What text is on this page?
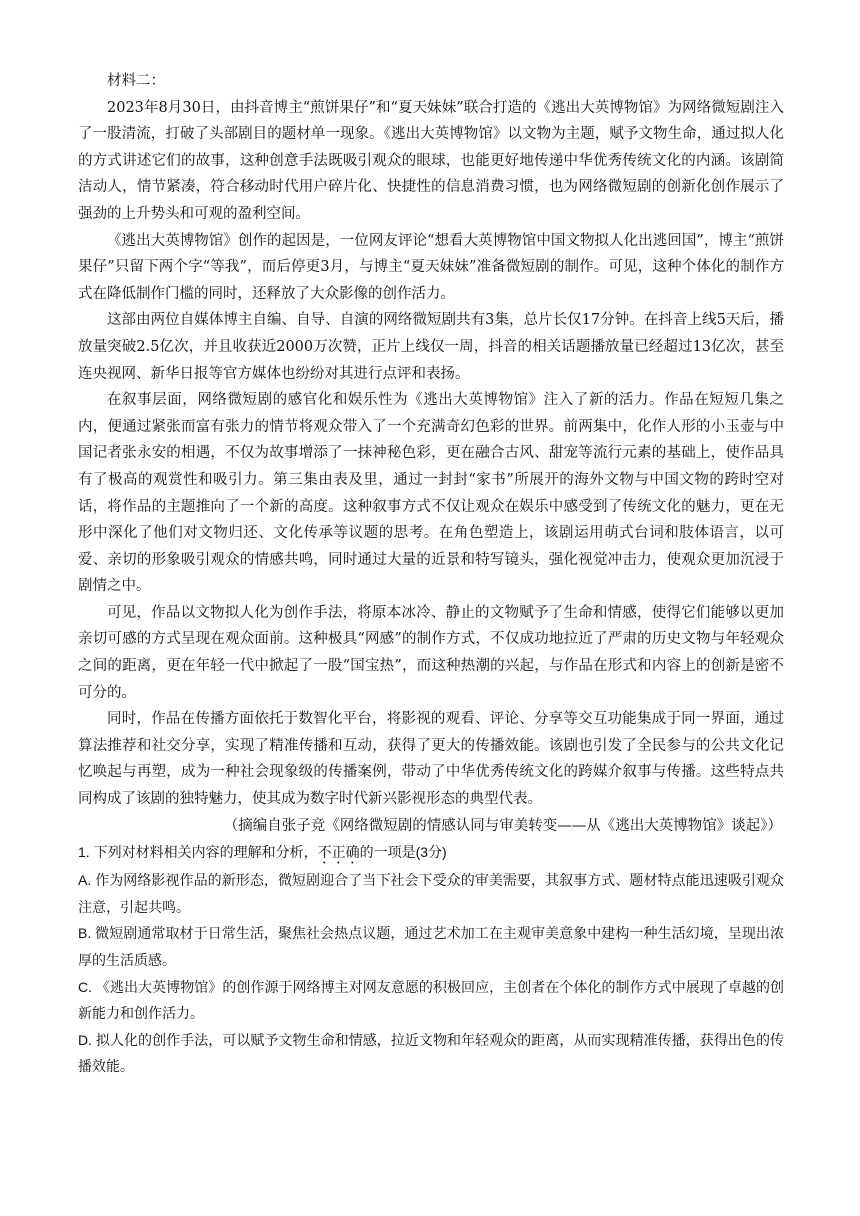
材料二：

2023年8月30日，由抖音博主“煎饼果仔”和“夏天妹妹”联合打造的《逃出大英博物馆》为网络微短剧注入了一股清流，打破了头部剧目的题材单一现象。《逃出大英博物馆》以文物为主题，赋予文物生命，通过拟人化的方式讲述它们的故事，这种创意手法既吸引观众的眼球，也能更好地传递中华优秀传统文化的内涵。该剧简洁动人，情节紧凑，符合移动时代用户碎片化、快捷性的信息消费习惯，也为网络微短剧的创新化创作展示了强劲的上升势头和可观的盈利空间。

《逃出大英博物馆》创作的起因是，一位网友评论“想看大英博物馆中国文物拟人化出逃回国”，博主“煎饼果仔”只留下两个字“等我”，而后停更3月，与博主“夏天妹妹”准备微短剧的制作。可见，这种个体化的制作方式在降低制作门槛的同时，还释放了大众影像的创作活力。

这部由两位自媒体博主自编、自导、自演的网络微短剧共有3集，总片长仅17分钟。在抖音上线5天后，播放量突破2.5亿次，并且收获近2000万次赞，正片上线仅一周，抖音的相关话题播放量已经超过13亿次，甚至连央视网、新华日报等官方媒体也纷纷对其进行点评和表扬。

在叙事层面，网络微短剧的感官化和娱乐性为《逃出大英博物馆》注入了新的活力。作品在短短几集之内，便通过紧张而富有张力的情节将观众带入了一个充满奇幻色彩的世界。前两集中，化作人形的小玉壶与中国记者张永安的相遇，不仅为故事增添了一抹神秘色彩，更在融合古风、甜宠等流行元素的基础上，使作品具有了极高的观赏性和吸引力。第三集由表及里，通过一封封“家书”所展开的海外文物与中国文物的跨时空对话，将作品的主题推向了一个新的高度。这种叙事方式不仅让观众在娱乐中感受到了传统文化的魅力，更在无形中深化了他们对文物归还、文化传承等议题的思考。在角色塑造上，该剧运用萌式台词和肢体语言，以可爱、亲切的形象吸引观众的情感共鸣，同时通过大量的近景和特写镜头，强化视觉冲击力，使观众更加沉浸于剧情之中。

可见，作品以文物拟人化为创作手法，将原本冰冷、静止的文物赋予了生命和情感，使得它们能够以更加亲切可感的方式呈现在观众面前。这种极具“网感”的制作方式，不仅成功地拉近了严肃的历史文物与年轻观众之间的距离，更在年轻一代中掀起了一股“国宝热”，而这种热潮的兴起，与作品在形式和内容上的创新是密不可分的。

同时，作品在传播方面依托于数智化平台，将影视的观看、评论、分享等交互功能集成于同一界面，通过算法推荐和社交分享，实现了精准传播和互动，获得了更大的传播效能。该剧也引发了全民参与的公共文化记忆唤起与再塑，成为一种社会现象级的传播案例，带动了中华优秀传统文化的跨媒介叙事与传播。这些特点共同构成了该剧的独特魅力，使其成为数字时代新兴影视形态的典型代表。

（摘编自张子竞《网络微短剧的情感认同与审美转变——从《逃出大英博物馆》谈起》）

1. 下列对材料相关内容的理解和分析，不正确的一项是(3分)

A. 作为网络影视作品的新形态，微短剧迎合了当下社会下受众的审美需要，其叙事方式、题材特点能迅速吸引观众注意，引起共鸣。

B. 微短剧通常取材于日常生活，聚焦社会热点议题，通过艺术加工在主观审美意象中建构一种生活幻境，呈现出浓厚的生活质感。

C. 《逃出大英博物馆》的创作源于网络博主对网友意愿的积极回应，主创者在个体化的制作方式中展现了卓越的创新能力和创作活力。

D. 拟人化的创作手法，可以赋予文物生命和情感，拉近文物和年轻观众的距离，从而实现精准传播，获得出色的传播效能。
